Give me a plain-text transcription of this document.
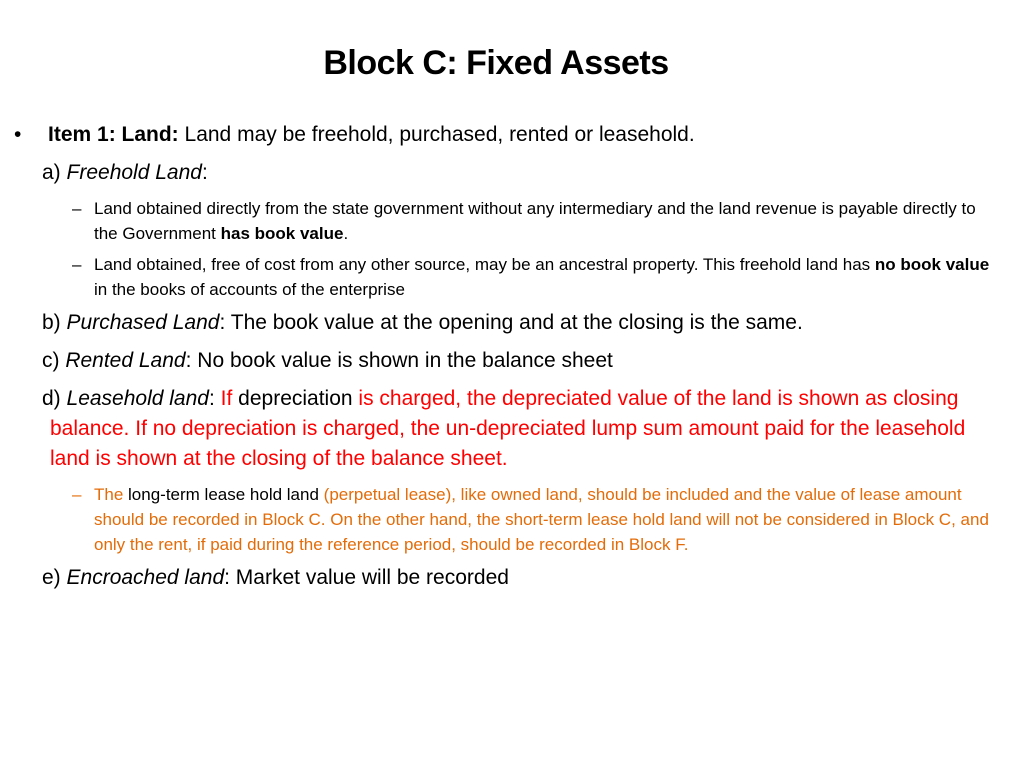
Block C: Fixed Assets
• Item 1: Land: Land may be freehold, purchased, rented or leasehold.
a) Freehold Land:
– Land obtained directly from the state government without any intermediary and the land revenue is payable directly to the Government has book value.
– Land obtained, free of cost from any other source, may be an ancestral property. This freehold land has no book value in the books of accounts of the enterprise
b) Purchased Land: The book value at the opening and at the closing is the same.
c) Rented Land: No book value is shown in the balance sheet
d) Leasehold land: If depreciation is charged, the depreciated value of the land is shown as closing balance. If no depreciation is charged, the un-depreciated lump sum amount paid for the leasehold land is shown at the closing of the balance sheet.
– The long-term lease hold land (perpetual lease), like owned land, should be included and the value of lease amount should be recorded in Block C. On the other hand, the short-term lease hold land will not be considered in Block C, and only the rent, if paid during the reference period, should be recorded in Block F.
e) Encroached land: Market value will be recorded
